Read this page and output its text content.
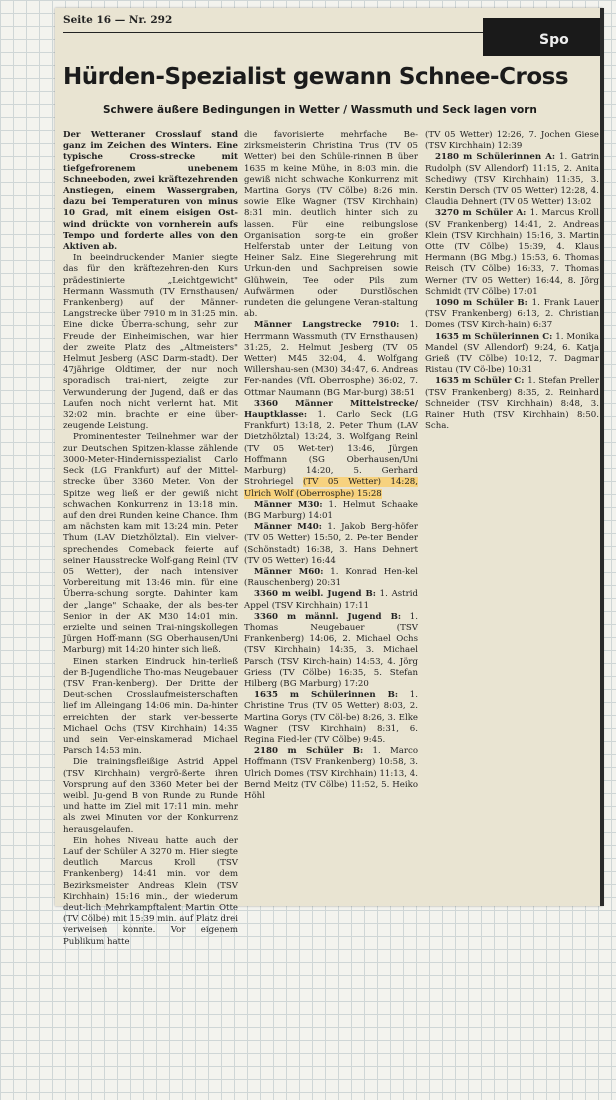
Seite 16 — Nr. 292
Spo
Hürden-Spezialist gewann Schnee-Cross
Schwere äußere Bedingungen in Wetter / Wassmuth und Seck lagen vorn

Der Wetteraner Crosslauf stand ganz im Zeichen des Winters. Eine typische Cross-strecke mit tiefgefrorenem unebenem Schneeboden, zwei kräftezehrenden Anstiegen, einem Wassergraben, dazu bei Temperaturen von minus 10 Grad, mit einem eisigen Ost-wind drückte von vornherein aufs Tempo und forderte alles von den Aktiven ab.

In beeindruckender Manier siegte das für den kräftezehren-den Kurs prädestinierte „Leichtgewicht" Hermann Wassmuth (TV Ernsthausen/ Frankenberg) auf der Männer-Langstrecke über 7910 m in 31:25 min. Eine dicke Überra-schung, sehr zur Freude der Einheimischen, war hier der zweite Platz des „Altmeisters" Helmut Jesberg (ASC Darm-stadt). Der 47jährige Oldtimer, der nur noch sporadisch trai-niert, zeigte zur Verwunderung der Jugend, daß er das Laufen noch nicht verlernt hat. Mit 32:02 min. brachte er eine über-zeugende Leistung.

Prominentester Teilnehmer war der zur Deutschen Spitzen-klasse zählende 3000-Meter-Hindernisspezialist Carlo Seck (LG Frankfurt) auf der Mittel-strecke über 3360 Meter. Von der Spitze weg ließ er der gewiß nicht schwachen Konkurrenz in 13:18 min. auf den drei Runden keine Chance. Ihm am nächsten kam mit 13:24 min. Peter Thum (LAV Dietzhölztal). Ein vielver-sprechendes Comeback feierte auf seiner Hausstrecke Wolf-gang Reinl (TV 05 Wetter), der nach intensiver Vorbereitung mit 13:46 min. für eine Überra-schung sorgte. Dahinter kam der „lange" Schaake, der als bes-ter Senior in der AK M30 14:01 min. erzielte und seinen Trai-ningskollegen Jürgen Hoff-mann (SG Oberhausen/Uni Marburg) mit 14:20 hinter sich ließ.

Einen starken Eindruck hin-terließ der B-Jugendliche Tho-mas Neugebauer (TSV Fran-kenberg). Der Dritte der Deut-schen Crosslaufmeisterschaften lief im Alleingang 14:06 min. Da-hinter erreichten der stark ver-besserte Michael Ochs (TSV Kirchhain) 14:35 und sein Ver-einskamerad Michael Parsch 14:53 min.

Die trainingsfleißige Astrid Appel (TSV Kirchhain) vergrö-ßerte ihren Vorsprung auf den 3360 Meter bei der weibl. Ju-gend B von Runde zu Runde und hatte im Ziel mit 17:11 min. mehr als zwei Minuten vor der Konkurrenz herausgelaufen.

Ein hohes Niveau hatte auch der Lauf der Schüler A 3270 m. Hier siegte deutlich Marcus Kroll (TSV Frankenberg) 14:41 min. vor dem Bezirksmeister Andreas Klein (TSV Kirchhain) 15:16 min., der wiederum deut-lich Mehrkampftalent Martin Otte (TV Cölbe) mit 15:39 min. auf Platz drei verweisen konnte. Vor eigenem Publikum hatte

die favorisierte mehrfache Be-zirksmeisterin Christina Trus (TV 05 Wetter) bei den Schüle-rinnen B über 1635 m keine Mühe, in 8:03 min. die gewiß nicht schwache Konkurrenz mit Martina Gorys (TV Cölbe) 8:26 min. sowie Elke Wagner (TSV Kirchhain) 8:31 min. deutlich hinter sich zu lassen. Für eine reibungslose Organisation sorg-te ein großer Helferstab unter der Leitung von Heiner Salz. Eine Siegerehrung mit Urkun-den und Sachpreisen sowie Glühwein, Tee oder Pils zum Aufwärmen oder Durstlöschen rundeten die gelungene Veran-staltung ab.

Männer Langstrecke 7910: 1. Herrmann Wassmuth (TV Ernsthausen) 31:25, 2. Helmut Jesberg (TV 05 Wetter) M45 32:04, 4. Wolfgang Willershau-sen (M30) 34:47, 6. Andreas Fer-nandes (VfL Oberrosphe) 36:02, 7. Ottmar Naumann (BG Mar-burg) 38:51

3360 Männer Mittelstrecke/ Hauptklasse: 1. Carlo Seck (LG Frankfurt) 13:18, 2. Peter Thum (LAV Dietzhölztal) 13:24, 3. Wolfgang Reinl (TV 05 Wet-ter) 13:46, Jürgen Hoffmann (SG Oberhausen/Uni Marburg) 14:20, 5. Gerhard Strohriegel (TV 05 Wetter) 14:28, Ulrich Wolf (Oberrosphe) 15:28

Männer M30: 1. Helmut Schaake (BG Marburg) 14:01

Männer M40: 1. Jakob Berg-höfer (TV 05 Wetter) 15:50, 2. Pe-ter Bender (Schönstadt) 16:38, 3. Hans Dehnert (TV 05 Wetter) 16:44

Männer M60: 1. Konrad Hen-kel (Rauschenberg) 20:31

3360 m weibl. Jugend B: 1. Astrid Appel (TSV Kirchhain) 17:11

3360 m männl. Jugend B: 1. Thomas Neugebauer (TSV Frankenberg) 14:06, 2. Michael Ochs (TSV Kirchhain) 14:35, 3. Michael Parsch (TSV Kirch-hain) 14:53, 4. Jörg Griess (TV Cölbe) 16:35, 5. Stefan Hilberg (BG Marburg) 17:20

1635 m Schülerinnen B: 1. Christine Trus (TV 05 Wetter) 8:03, 2. Martina Gorys (TV Cöl-be) 8:26, 3. Elke Wagner (TSV Kirchhain) 8:31, 6. Regina Fied-ler (TV Cölbe) 9:45.

2180 m Schüler B: 1. Marco Hoffmann (TSV Frankenberg) 10:58, 3. Ulrich Domes (TSV Kirchhain) 11:13, 4. Bernd Meitz (TV Cölbe) 11:52, 5. Heiko Höhl

(TV 05 Wetter) 12:26, 7. Jochen Giese (TSV Kirchhain) 12:39

2180 m Schülerinnen A: 1. Gatrin Rudolph (SV Allendorf) 11:15, 2. Anita Schediwy (TSV Kirchhain) 11:35, 3. Kerstin Dersch (TV 05 Wetter) 12:28, 4. Claudia Dehnert (TV 05 Wetter) 13:02

3270 m Schüler A: 1. Marcus Kroll (SV Frankenberg) 14:41, 2. Andreas Klein (TSV Kirchhain) 15:16, 3. Martin Otte (TV Cölbe) 15:39, 4. Klaus Hermann (BG Mbg.) 15:53, 6. Thomas Reisch (TV Cölbe) 16:33, 7. Thomas Werner (TV 05 Wetter) 16:44, 8. Jörg Schmidt (TV Cölbe) 17:01

1090 m Schüler B: 1. Frank Lauer (TSV Frankenberg) 6:13, 2. Christian Domes (TSV Kirch-hain) 6:37

1635 m Schülerinnen C: 1. Monika Mandel (SV Allendorf) 9:24, 6. Katja Grieß (TV Cölbe) 10:12, 7. Dagmar Ristau (TV Cö-lbe) 10:31

1635 m Schüler C: 1. Stefan Preller (TSV Frankenberg) 8:35, 2. Reinhard Schneider (TSV Kirchhain) 8:48, 3. Rainer Huth (TSV Kirchhain) 8:50. Scha.
